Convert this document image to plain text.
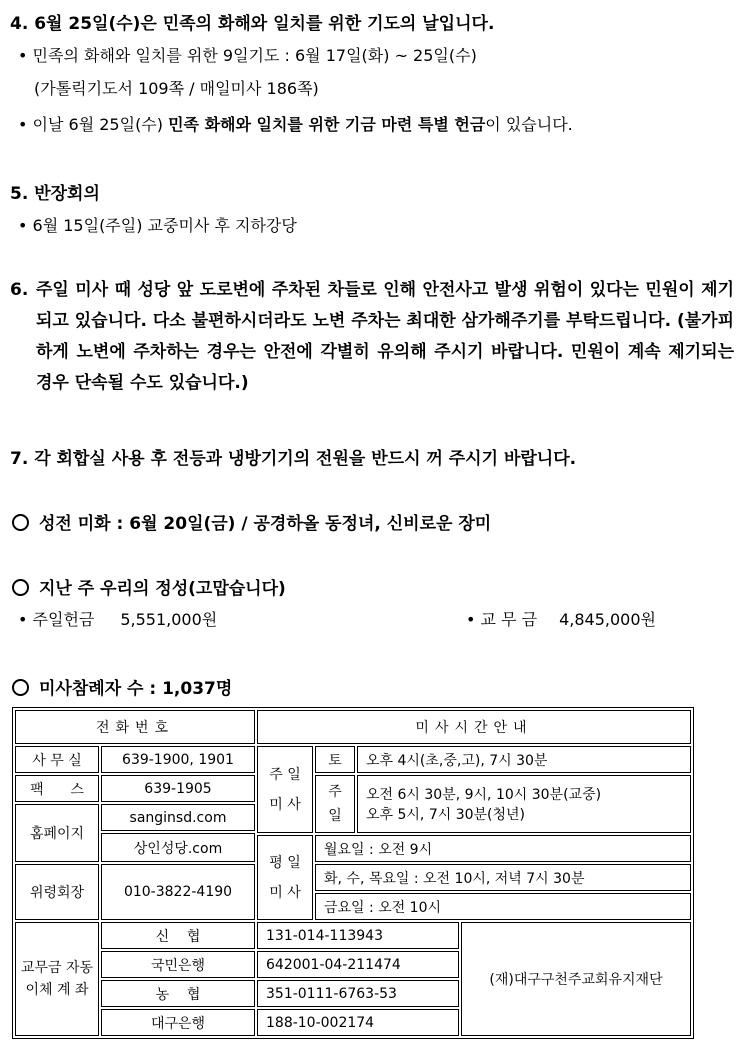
4. 6월 25일(수)은 민족의 화해와 일치를 위한 기도의 날입니다.
• 민족의 화해와 일치를 위한 9일기도 : 6월 17일(화) ~ 25일(수)
(가톨릭기도서 109쪽 / 매일미사 186쪽)
• 이날 6월 25일(수) 민족 화해와 일치를 위한 기금 마련 특별 헌금이 있습니다.
5. 반장회의
• 6월 15일(주일) 교중미사 후 지하강당
6. 주일 미사 때 성당 앞 도로변에 주차된 차들로 인해 안전사고 발생 위험이 있다는 민원이 제기되고 있습니다. 다소 불편하시더라도 노변 주차는 최대한 삼가해주기를 부탁드립니다. (불가피하게 노변에 주차하는 경우는 안전에 각별히 유의해 주시기 바랍니다. 민원이 계속 제기되는 경우 단속될 수도 있습니다.)
7. 각 회합실 사용 후 전등과 냉방기기의 전원을 반드시 꺼 주시기 바랍니다.
성전 미화 : 6월 20일(금) / 공경하올 동정녀, 신비로운 장미
지난 주 우리의 정성(고맙습니다)
• 주일헌금 5,551,000원	• 교 무 금 4,845,000원
미사참례자 수 : 1,037명
전화번호		미사시간안내			
사 무 실	639-1900, 1901	주 일 미 사	토	오후 4시(초,중,고), 7시 30분	
팩      스	639-1905		주 일	오전 6시 30분, 9시, 10시 30분(교중)
오후 5시, 7시 30분(청년)	

홈페이지	sanginsd.com				
	상인성당.com				
		평 일 미 사	월요일 : 오전 9시		
위령회장	010-3822-4190		화, 수, 목요일 : 오전 10시, 저녁 7시 30분		
			금요일 : 오전 10시		
교무금 자동이체 계 좌	신    협	131-014-113943			(재)대구구천주교회유지재단
	국민은행	642001-04-211474			
	농    협	351-0111-6763-53			
	대구은행	188-10-002174			
